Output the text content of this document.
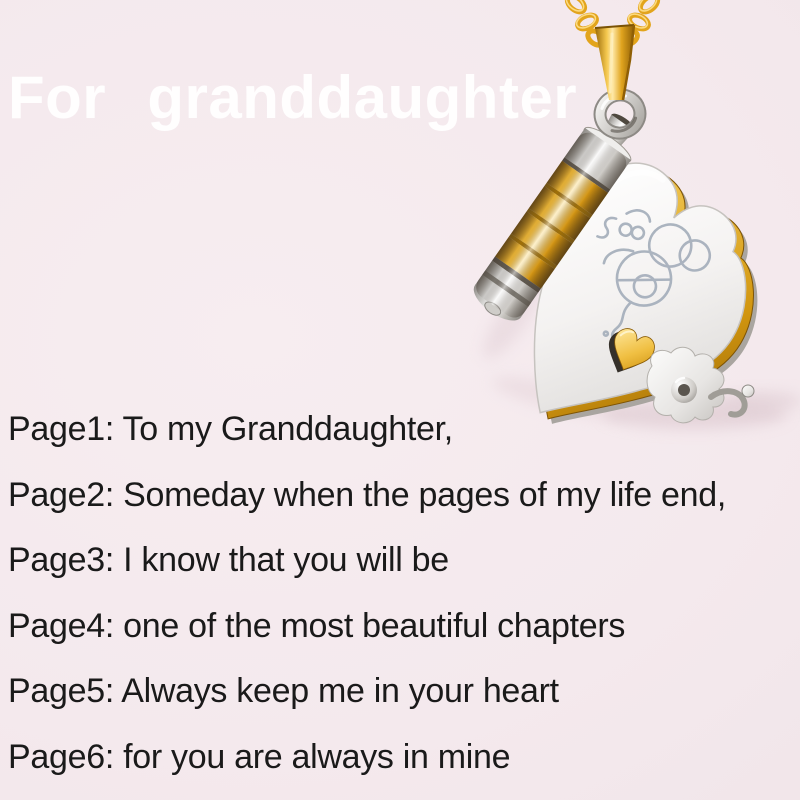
For granddaughter
Page1: To my Granddaughter,
Page2: Someday when the pages of my life end,
Page3: I know that you will be
Page4: one of the most beautiful chapters
Page5: Always keep me in your heart
Page6: for you are always in mine
